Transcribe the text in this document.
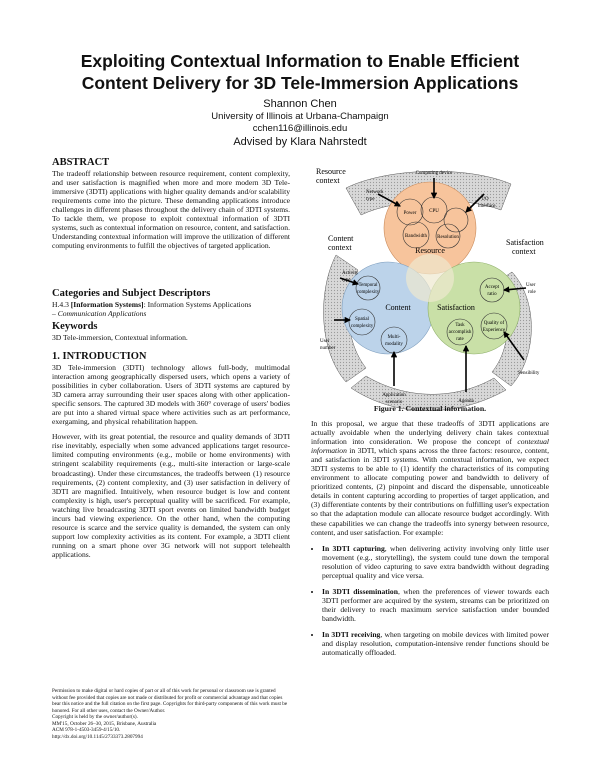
Exploiting Contextual Information to Enable Efficient
Content Delivery for 3D Tele-Immersion Applications
Shannon Chen
University of Illinois at Urbana-Champaign
cchen116@illinois.edu
Advised by Klara Nahrstedt
ABSTRACT

The tradeoff relationship between resource requirement, content complexity, and user satisfaction is magnified when more and more modern 3D Tele-immersive (3DTI) applications with higher quality demands and/or scalability requirements come into the picture. These demanding applications introduce challenges in different phases throughout the delivery chain of 3DTI systems. To tackle them, we propose to exploit contextual information of 3DTI systems, such as contextual information on resource, content, and satisfaction. Understanding contextual information will improve the utilization of different computing environments to fulfill the objectives of targeted application.

Categories and Subject Descriptors

H.4.3 [Information Systems]: Information Systems Applications
– Communication Applications

Keywords

3D Tele-immersion, Contextual information.

1. INTRODUCTION

3D Tele-immersion (3DTI) technology allows full-body, multimodal interaction among geographically dispersed users, which opens a variety of possibilities in cyber collaboration. Users of 3DTI systems are captured by 3D camera array surrounding their user spaces along with other application-specific sensors. The captured 3D models with 360° coverage of users' bodies are put into a shared virtual space where activities such as art performance, exergaming, and physical rehabilitation happen.

However, with its great potential, the resource and quality demands of 3DTI rise inevitably, especially when some advanced applications target resource-limited computing environments (e.g., mobile or home environments) with stringent scalability requirements (e.g., multi-site interaction or large-scale broadcasting). Under these circumstances, the tradeoffs between (1) resource requirements, (2) content complexity, and (3) user satisfaction in delivery of 3DTI are magnified. Intuitively, when resource budget is low and content complexity is high, user's perceptual quality will be sacrificed. For example, watching live broadcasting 3DTI sport events on limited bandwidth budget incurs bad viewing experience. On the other hand, when the computing resource is scarce and the service quality is demanded, the system can only support low complexity activities as its content. For example, a 3DTI client running on a smart phone over 3G network will not support telehealth applications.

Permission to make digital or hard copies of part or all of this work for personal or classroom use is granted without fee provided that copies are not made or distributed for profit or commercial advantage and that copies bear this notice and the full citation on the first page. Copyrights for third-party components of this work must be honored. For all other uses, contact the Owner/Author.
Copyright is held by the owner/author(s).
MM'15, October 26–30, 2015, Brisbane, Australia
ACM 978-1-4503-3459-4/15/10.
http://dx.doi.org/10.1145/2733373.2807994
Resource
context
Content
context
Satisfaction
context
Resource
Content	Satisfaction
Computing device
Network
type
Power	CPU
I/O
interface
Bandwidth Resolution
Activity
type
Temporal
complexity
Spatial
complexity
Multi-
modality
User
number
Application
scenario
Accept
ratio
User
role
Quality of
Experience
Task
accomplish
rate
Sensibility
Agenda
Figure 1. Contextual information.

In this proposal, we argue that these tradeoffs of 3DTI applications are actually avoidable when the underlying delivery chain takes contextual information into consideration. We propose the concept of contextual information in 3DTI, which spans across the three factors: resource, content, and satisfaction in 3DTI systems. With contextual information, we expect 3DTI systems to be able to (1) identify the characteristics of its computing environment to allocate computing power and bandwidth to delivery of prioritized contents, (2) pinpoint and discard the dispensable, unnoticeable details in content capturing according to properties of target application, and (3) differentiate contents by their contributions on fulfilling user's expectation so that the adaptation module can allocate resource budget accordingly. With these capabilities we can change the tradeoffs into synergy between resource, content, and user satisfaction. For example:

• In 3DTI capturing, when delivering activity involving only little user movement (e.g., storytelling), the system could tune down the temporal resolution of video capturing to save extra bandwidth without degrading perceptual quality and vice versa.
• In 3DTI dissemination, when the preferences of viewer towards each 3DTI performer are acquired by the system, streams can be prioritized on their delivery to reach maximum service satisfaction under bounded bandwidth.
• In 3DTI receiving, when targeting on mobile devices with limited power and display resolution, computation-intensive render functions should be automatically offloaded.
